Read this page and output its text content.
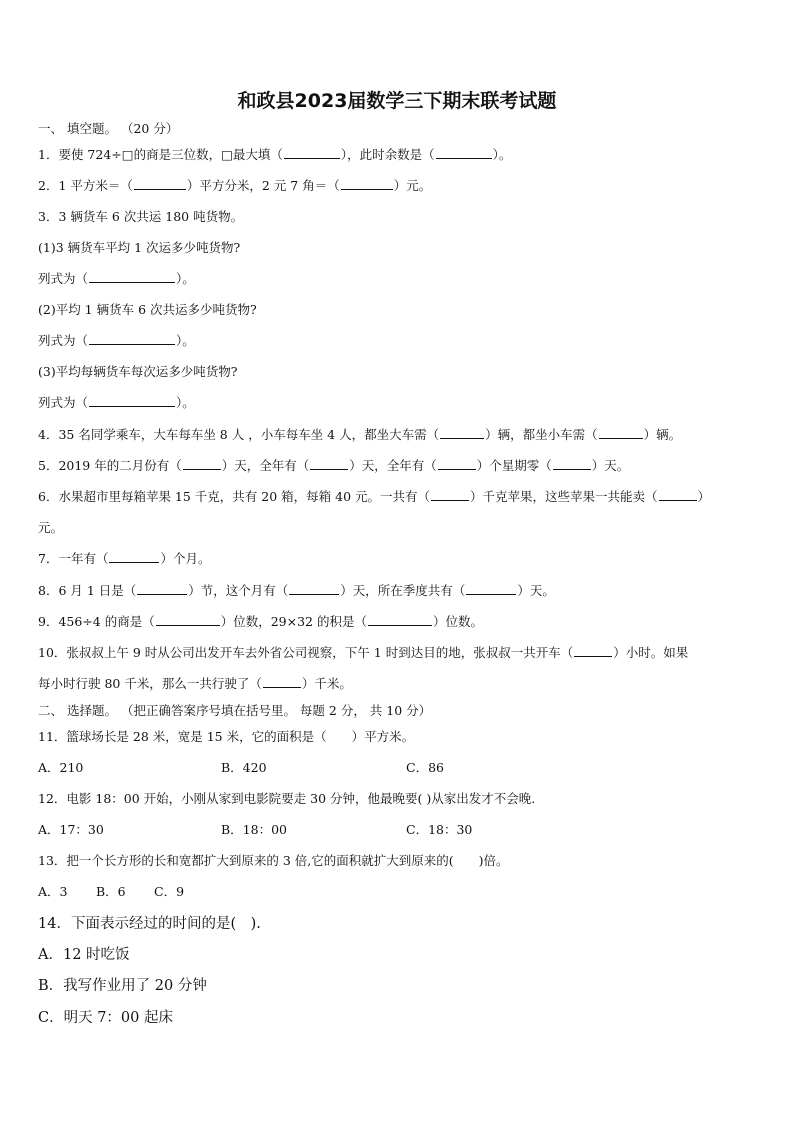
和政县2023届数学三下期末联考试题
一、 填空题。 （20 分）
1．要使 724÷□的商是三位数，□最大填（	），此时余数是（	）。
2．1 平方米＝（	）平方分米，2 元 7 角＝（	）元。
3．3 辆货车 6 次共运 180 吨货物。
(1)3 辆货车平均 1 次运多少吨货物?
列式为（	）。
(2)平均 1 辆货车 6 次共运多少吨货物?
列式为（	）。
(3)平均每辆货车每次运多少吨货物?
列式为（	）。
4．35 名同学乘车，大车每车坐 8 人 ，小车每车坐 4 人，都坐大车需（	）辆，都坐小车需（	）辆。
5．2019 年的二月份有（	）天，全年有（	）天，全年有（	）个星期零（	）天。
6．水果超市里每箱苹果 15 千克，共有 20 箱，每箱 40 元。一共有（	）千克苹果，这些苹果一共能卖（	）
元。
7．一年有（	）个月。
8．6 月 1 日是（	）节，这个月有（	）天，所在季度共有（	）天。
9．456÷4 的商是（	）位数，29×32 的积是（	）位数。
10．张叔叔上午 9 时从公司出发开车去外省公司视察，下午 1 时到达目的地，张叔叔一共开车（	）小时。如果
每小时行驶 80 千米，那么一共行驶了（	）千米。
二、 选择题。 （把正确答案序号填在括号里。 每题 2 分， 共 10 分）
11．篮球场长是 28 米，宽是 15 米，它的面积是（　　）平方米。
A．210	B．420	C．86
12．电影 18：00 开始，小刚从家到电影院要走 30 分钟，他最晚要( )从家出发才不会晚.
A．17：30	B．18：00	C．18：30
13．把一个长方形的长和宽都扩大到原来的 3 倍,它的面积就扩大到原来的(　　)倍。
A．3 B．6 C．9
14．下面表示经过的时间的是(　).
A．12 时吃饭
B．我写作业用了 20 分钟
C．明天 7：00 起床
